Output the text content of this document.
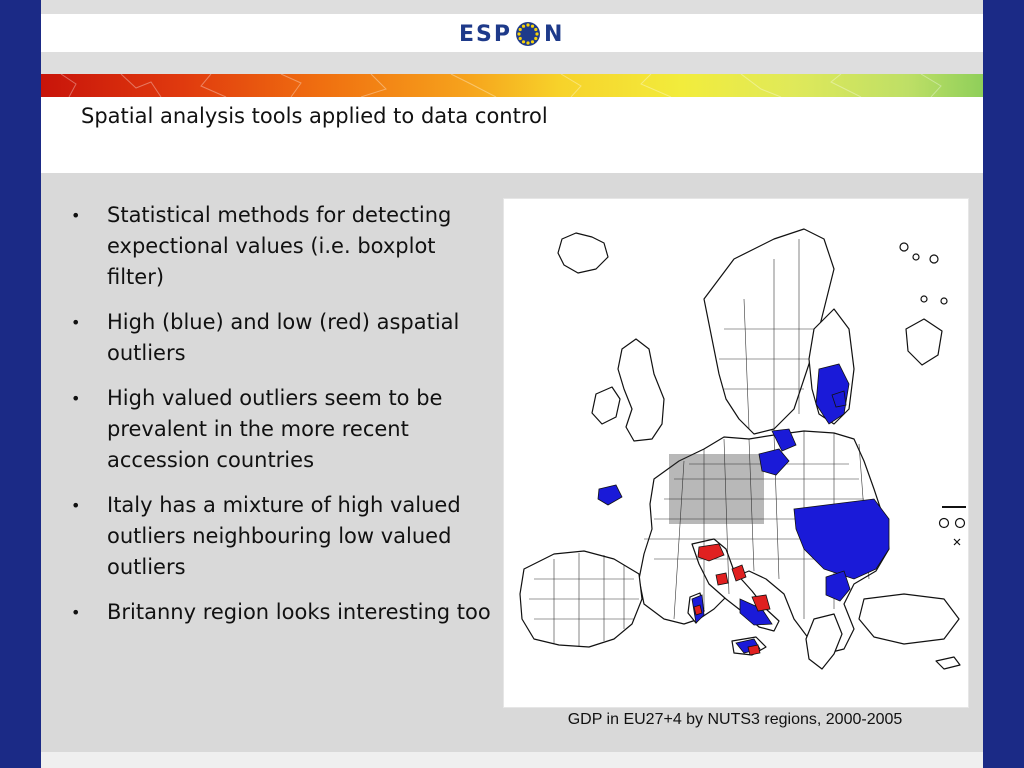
ESP N
Spatial analysis tools applied to data control
• Statistical methods for detecting expectional values (i.e. boxplot filter)
• High (blue) and low (red) aspatial outliers
• High valued outliers seem to be prevalent in the more recent accession countries
• Italy has a mixture of high valued outliers neighbouring low valued outliers
• Britanny region looks interesting too
GDP in EU27+4 by NUTS3 regions, 2000-2005
